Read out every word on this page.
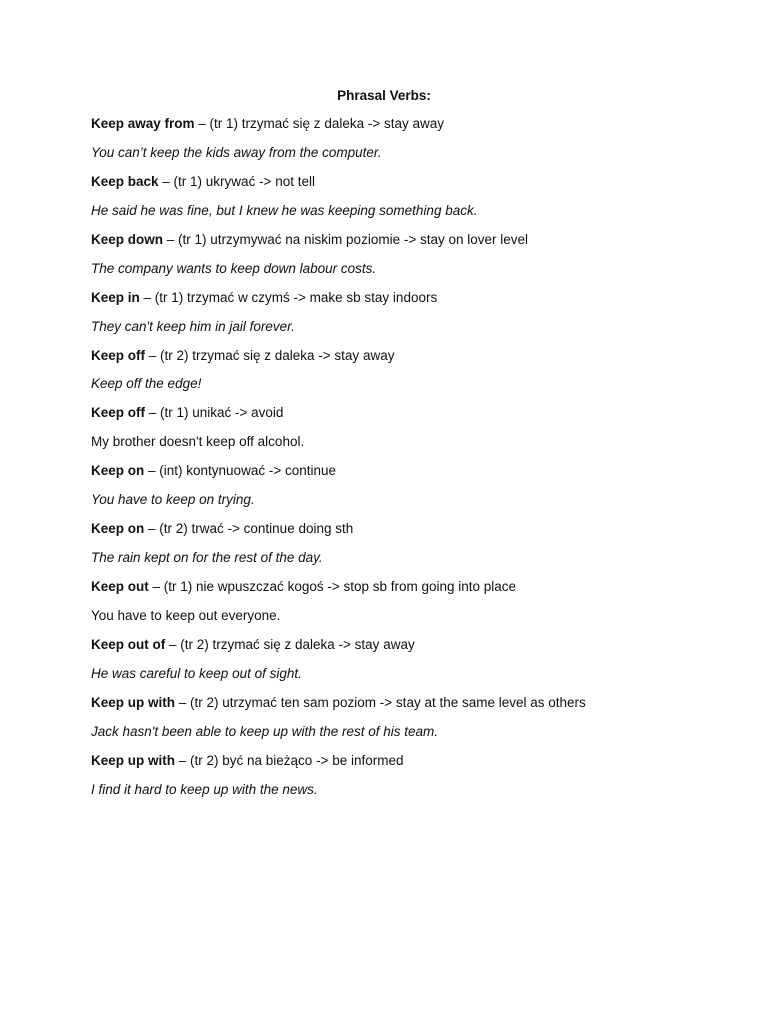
Phrasal Verbs:
Keep away from – (tr 1) trzymać się z daleka -> stay away
You can’t keep the kids away from the computer.
Keep back – (tr 1) ukrywać -> not tell
He said he was fine, but I knew he was keeping something back.
Keep down – (tr 1) utrzymywać na niskim poziomie -> stay on lover level
The company wants to keep down labour costs.
Keep in – (tr 1) trzymać w czymś -> make sb stay indoors
They can't keep him in jail forever.
Keep off – (tr 2) trzymać się z daleka -> stay away
Keep off the edge!
Keep off – (tr 1) unikać -> avoid
My brother doesn't keep off alcohol.
Keep on – (int) kontynuować -> continue
You have to keep on trying.
Keep on – (tr 2) trwać -> continue doing sth
The rain kept on for the rest of the day.
Keep out – (tr 1) nie wpuszczać kogoś -> stop sb from going into place
You have to keep out everyone.
Keep out of – (tr 2) trzymać się z daleka -> stay away
He was careful to keep out of sight.
Keep up with – (tr 2) utrzymać ten sam poziom -> stay at the same level as others
Jack hasn't been able to keep up with the rest of his team.
Keep up with – (tr 2) być na bieżąco -> be informed
I find it hard to keep up with the news.
